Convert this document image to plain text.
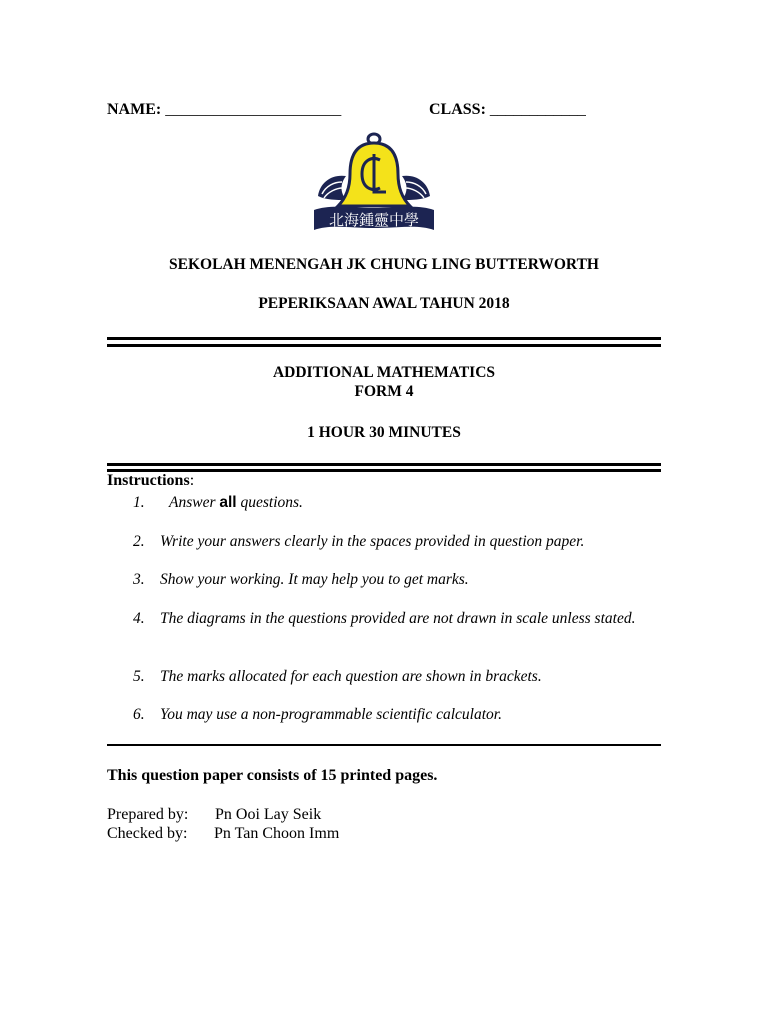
NAME: ______________________	CLASS: ____________
北海鍾靈中學
SEKOLAH MENENGAH JK CHUNG LING BUTTERWORTH
PEPERIKSAAN AWAL TAHUN 2018
ADDITIONAL MATHEMATICS
FORM 4
1 HOUR 30 MINUTES
Instructions:
1. Answer all questions.
2. Write your answers clearly in the spaces provided in question paper.
3. Show your working. It may help you to get marks.
4. The diagrams in the questions provided are not drawn in scale unless stated.
5. The marks allocated for each question are shown in brackets.
6. You may use a non-programmable scientific calculator.
This question paper consists of 15 printed pages.
Prepared by: Pn Ooi Lay Seik
Checked by: Pn Tan Choon Imm
